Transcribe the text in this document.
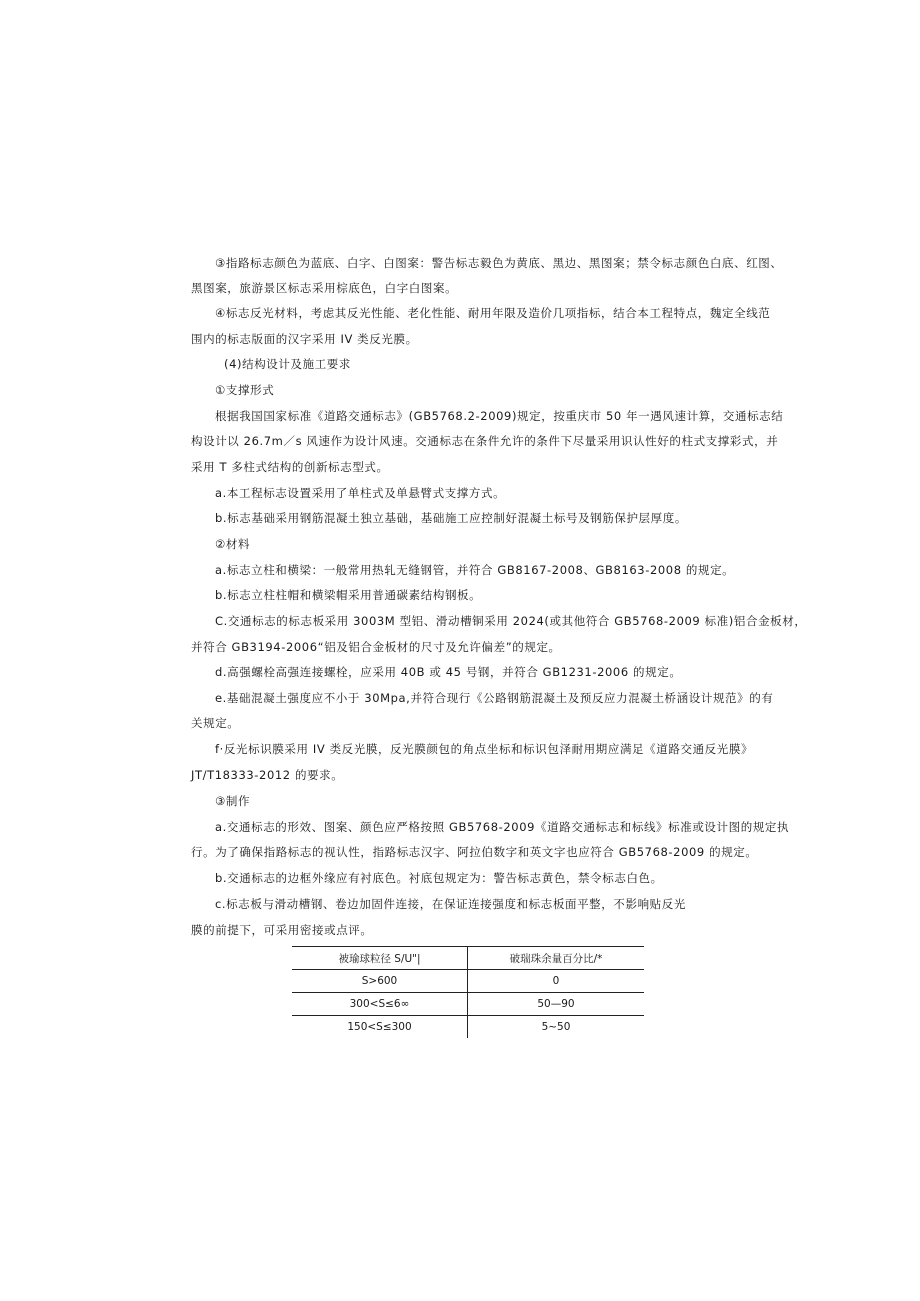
③指路标志颜色为蓝底、白字、白图案：警告标志毅色为黄底、黑边、黑图案；禁令标志颜色白底、红图、
黑图案，旅游景区标志采用棕底色，白字白图案。
④标志反光材料，考虑其反光性能、老化性能、耐用年限及造价几项指标，结合本工程特点，魏定全线范
围内的标志版面的汉字采用 IV 类反光膜。
(4)结构设计及施工要求
①支撑形式
根据我国国家标准《道路交通标志》(GB5768.2-2009)规定，按重庆市 50 年一遇风速计算，交通标志结
构设计以 26.7m／s 风速作为设计风速。交通标志在条件允许的条件下尽量采用识认性好的柱式支撑彩式，并
采用 T 多柱式结构的创新标志型式。
a.本工程标志设置采用了单柱式及单悬臂式支撑方式。
b.标志基础采用钢筋混凝土独立基础，基础施工应控制好混凝土标号及钢筋保护层厚度。
②材料
a.标志立柱和横梁：一般常用热轧无缝钢管，并符合 GB8167-2008、GB8163-2008 的规定。
b.标志立柱柱帽和横梁帽采用普通碳素结构钢板。
C.交通标志的标志板采用 3003M 型铝、滑动槽铜采用 2024(或其他符合 GB5768-2009 标准)铝合金板材，
并符合 GB3194-2006“铝及铝合金板材的尺寸及允许偏差”的规定。
d.高强螺栓高强连接螺栓，应采用 40B 或 45 号钢，并符合 GB1231-2006 的规定。
e.基础混凝土强度应不小于 30Mpa,并符合现行《公路钢筋混凝土及预反应力混凝土桥涵设计规范》的有
关规定。
f·反光标识膜采用 IV 类反光膜，反光膜颜包的角点坐标和标识包泽耐用期应满足《道路交通反光膜》
JT/T18333-2012 的要求。
③制作
a.交通标志的形效、图案、颜色应严格按照 GB5768-2009《道路交通标志和标线》标准或设计图的规定执
行。为了确保指路标志的视认性，指路标志汉字、阿拉伯数字和英文字也应符合 GB5768-2009 的规定。
b.交通标志的边框外缘应有衬底色。衬底包规定为：警告标志黄色，禁令标志白色。
c.标志板与滑动槽钢、卷边加固件连接，在保证连接强度和标志板面平整，不影响贴反光
膜的前提下，可采用密接或点评。
被瑜球粒径 S/U"|	破瑞珠余量百分比/*
S>600	0
300<S≤6∞	50—90
150<S≤300	5~50
